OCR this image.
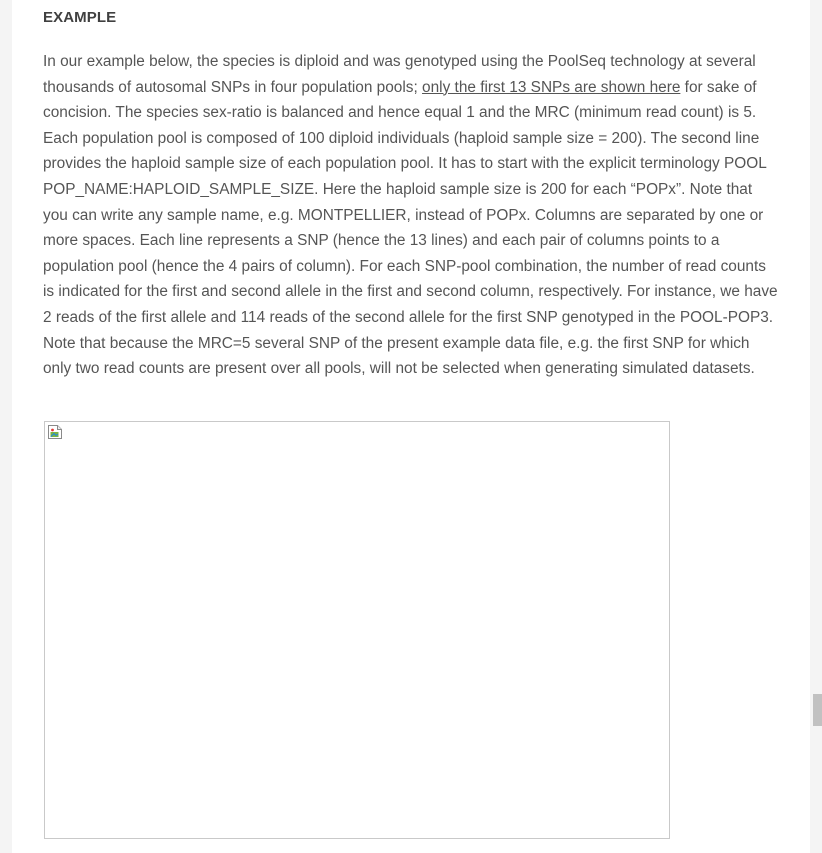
EXAMPLE

In our example below, the species is diploid and was genotyped using the PoolSeq technology at several thousands of autosomal SNPs in four population pools; only the first 13 SNPs are shown here for sake of concision. The species sex-ratio is balanced and hence equal 1 and the MRC (minimum read count) is 5. Each population pool is composed of 100 diploid individuals (haploid sample size = 200). The second line provides the haploid sample size of each population pool. It has to start with the explicit terminology POOL POP_NAME:HAPLOID_SAMPLE_SIZE. Here the haploid sample size is 200 for each “POPx”. Note that you can write any sample name, e.g. MONTPELLIER, instead of POPx. Columns are separated by one or more spaces. Each line represents a SNP (hence the 13 lines) and each pair of columns points to a population pool (hence the 4 pairs of column). For each SNP-pool combination, the number of read counts is indicated for the first and second allele in the first and second column, respectively. For instance, we have 2 reads of the first allele and 114 reads of the second allele for the first SNP genotyped in the POOL-POP3. Note that because the MRC=5 several SNP of the present example data file, e.g. the first SNP for which only two read counts are present over all pools, will not be selected when generating simulated datasets.
